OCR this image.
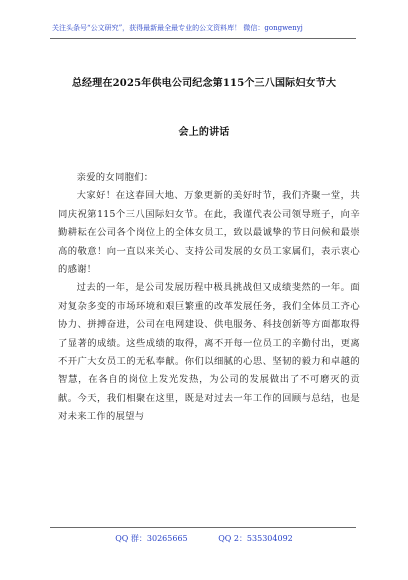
关注头条号“公文研究”，获得最新最全最专业的公文资料库！ 微信：gongwenyj
总经理在2025年供电公司纪念第115个三八国际妇女节大
会上的讲话

亲爱的女同胞们：

大家好！在这春回大地、万象更新的美好时节，我们齐聚一堂，共同庆祝第115个三八国际妇女节。在此，我谨代表公司领导班子，向辛勤耕耘在公司各个岗位上的全体女员工，致以最诚挚的节日问候和最崇高的敬意！向一直以来关心、支持公司发展的女员工家属们，表示衷心的感谢！

过去的一年，是公司发展历程中极具挑战但又成绩斐然的一年。面对复杂多变的市场环境和艰巨繁重的改革发展任务，我们全体员工齐心协力、拼搏奋进，公司在电网建设、供电服务、科技创新等方面都取得了显著的成绩。这些成绩的取得，离不开每一位员工的辛勤付出，更离不开广大女员工的无私奉献。你们以细腻的心思、坚韧的毅力和卓越的智慧，在各自的岗位上发光发热，为公司的发展做出了不可磨灭的贡献。今天，我们相聚在这里，既是对过去一年工作的回顾与总结，也是对未来工作的展望与

QQ 群：30265665	QQ 2：535304092
